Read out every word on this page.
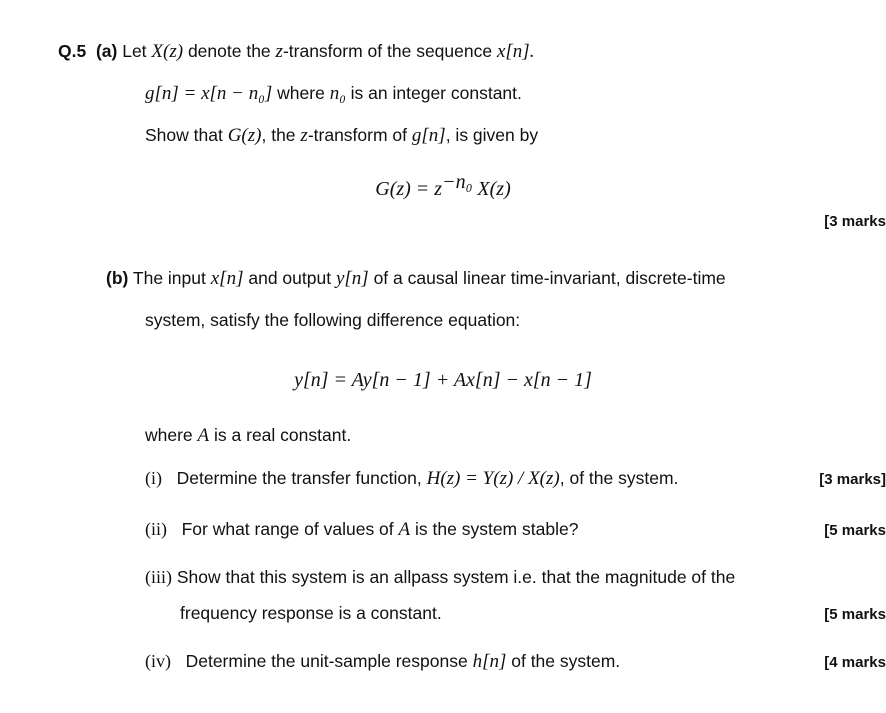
Q.5 (a) Let X(z) denote the z-transform of the sequence x[n].
g[n] = x[n − n₀] where n₀ is an integer constant.
Show that G(z), the z-transform of g[n], is given by
$G(z) = z^{-n_0}$ X(z)
[3 marks
(b) The input x[n] and output y[n] of a causal linear time-invariant, discrete-time
system, satisfy the following difference equation:
y[n] = Ay[n − 1] + Ax[n] − x[n − 1]
where A is a real constant.
(i) Determine the transfer function, H(z) = Y(z) / X(z), of the system.	[3 marks]
(ii) For what range of values of A is the system stable?	[5 marks
(iii) Show that this system is an allpass system i.e. that the magnitude of the
frequency response is a constant.	[5 marks
(iv) Determine the unit-sample response h[n] of the system.	[4 marks
